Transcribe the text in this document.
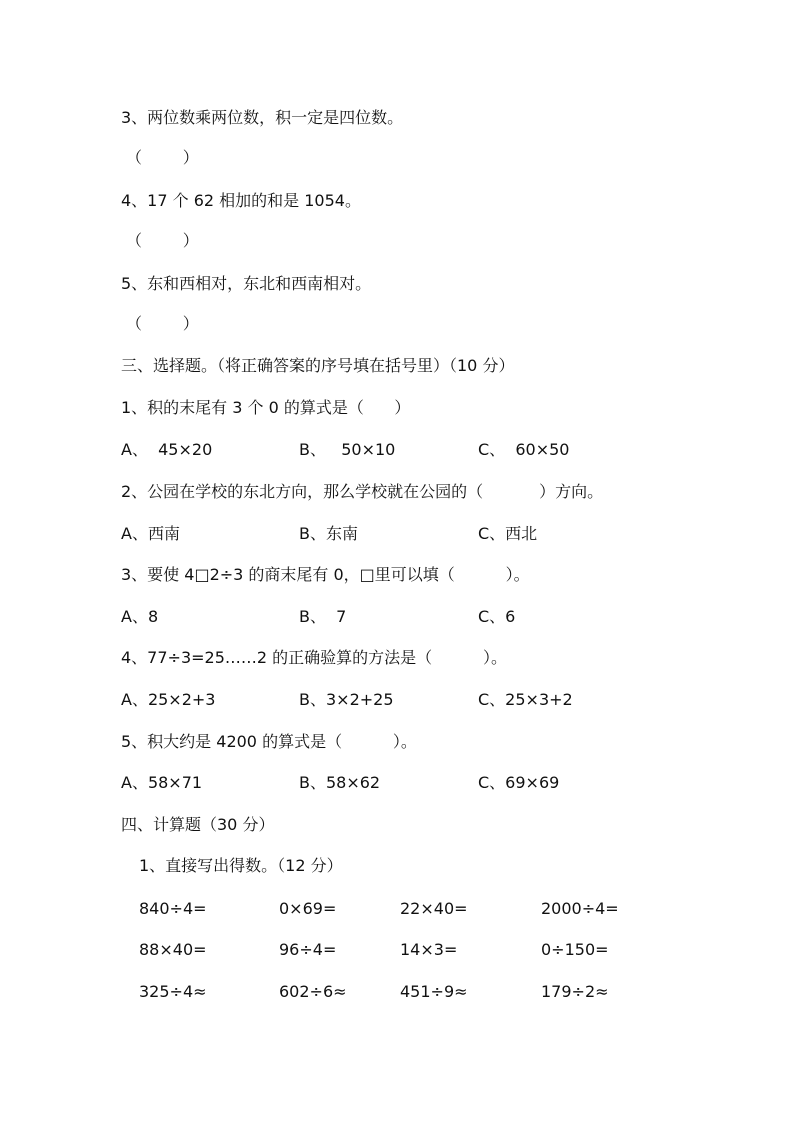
3、两位数乘两位数，积一定是四位数。
（        ）
4、17 个 62 相加的和是 1054。
（        ）
5、东和西相对，东北和西南相对。
（        ）
三、选择题。（将正确答案的序号填在括号里）（10 分）
1、积的末尾有 3 个 0 的算式是（      ）
A、  45×20	B、   50×10	C、  60×50
2、公园在学校的东北方向，那么学校就在公园的（           ）方向。
A、西南	B、东南	C、西北
3、要使 4□2÷3 的商末尾有 0，□里可以填（          ）。
A、8	B、  7	C、6
4、77÷3=25……2 的正确验算的方法是（          ）。
A、25×2+3	B、3×2+25	C、25×3+2
5、积大约是 4200 的算式是（          ）。
A、58×71	B、58×62	C、69×69
四、计算题（30 分）
1、直接写出得数。（12 分）
840÷4=	0×69=	22×40=	2000÷4=
88×40=	96÷4=	14×3=	0÷150=
325÷4≈	602÷6≈	451÷9≈	179÷2≈
